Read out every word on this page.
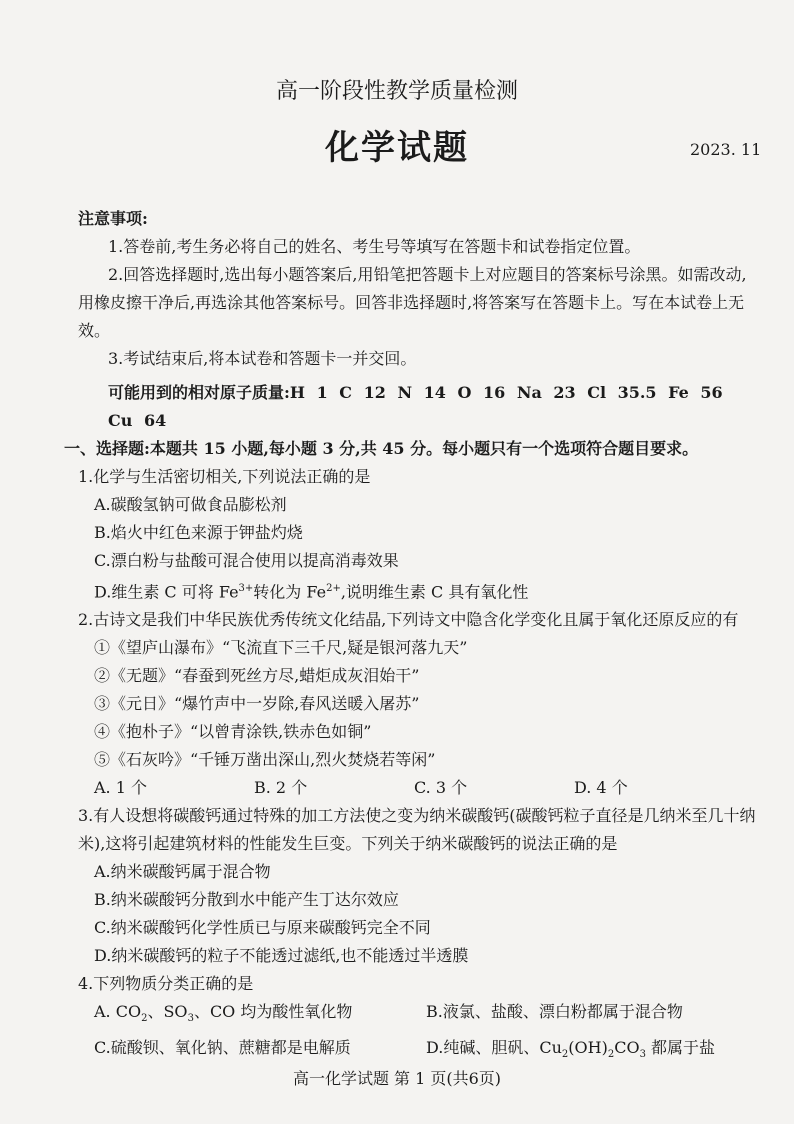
高一阶段性教学质量检测
化学试题	2023. 11
注意事项:
1.答卷前,考生务必将自己的姓名、考生号等填写在答题卡和试卷指定位置。
2.回答选择题时,选出每小题答案后,用铅笔把答题卡上对应题目的答案标号涂黑。如需改动,用橡皮擦干净后,再选涂其他答案标号。回答非选择题时,将答案写在答题卡上。写在本试卷上无效。
3.考试结束后,将本试卷和答题卡一并交回。
可能用到的相对原子质量:H 1 C 12 N 14 O 16 Na 23 Cl 35.5 Fe 56 Cu 64
一、选择题:本题共 15 小题,每小题 3 分,共 45 分。每小题只有一个选项符合题目要求。
1.化学与生活密切相关,下列说法正确的是
A.碳酸氢钠可做食品膨松剂
B.焰火中红色来源于钾盐灼烧
C.漂白粉与盐酸可混合使用以提高消毒效果
D.维生素 C 可将 $Fe^{3+}$转化为 $Fe^{2+}$,说明维生素 C 具有氧化性
2.古诗文是我们中华民族优秀传统文化结晶,下列诗文中隐含化学变化且属于氧化还原反应的有
①《望庐山瀑布》“飞流直下三千尺,疑是银河落九天”
②《无题》“春蚕到死丝方尽,蜡炬成灰泪始干”
③《元日》“爆竹声中一岁除,春风送暖入屠苏”
④《抱朴子》“以曾青涂铁,铁赤色如铜”
⑤《石灰吟》“千锤万凿出深山,烈火焚烧若等闲”
A. 1 个	B. 2 个	C. 3 个	D. 4 个
3.有人设想将碳酸钙通过特殊的加工方法使之变为纳米碳酸钙(碳酸钙粒子直径是几纳米至几十纳米),这将引起建筑材料的性能发生巨变。下列关于纳米碳酸钙的说法正确的是
A.纳米碳酸钙属于混合物
B.纳米碳酸钙分散到水中能产生丁达尔效应
C.纳米碳酸钙化学性质已与原来碳酸钙完全不同
D.纳米碳酸钙的粒子不能透过滤纸,也不能透过半透膜
4.下列物质分类正确的是
A. $CO_2$、$SO_3$、CO 均为酸性氧化物	B.液氯、盐酸、漂白粉都属于混合物
C.硫酸钡、氧化钠、蔗糖都是电解质	D.纯碱、胆矾、$Cu_2(OH)_2CO_3$ 都属于盐
高一化学试题 第 1 页(共6页)
